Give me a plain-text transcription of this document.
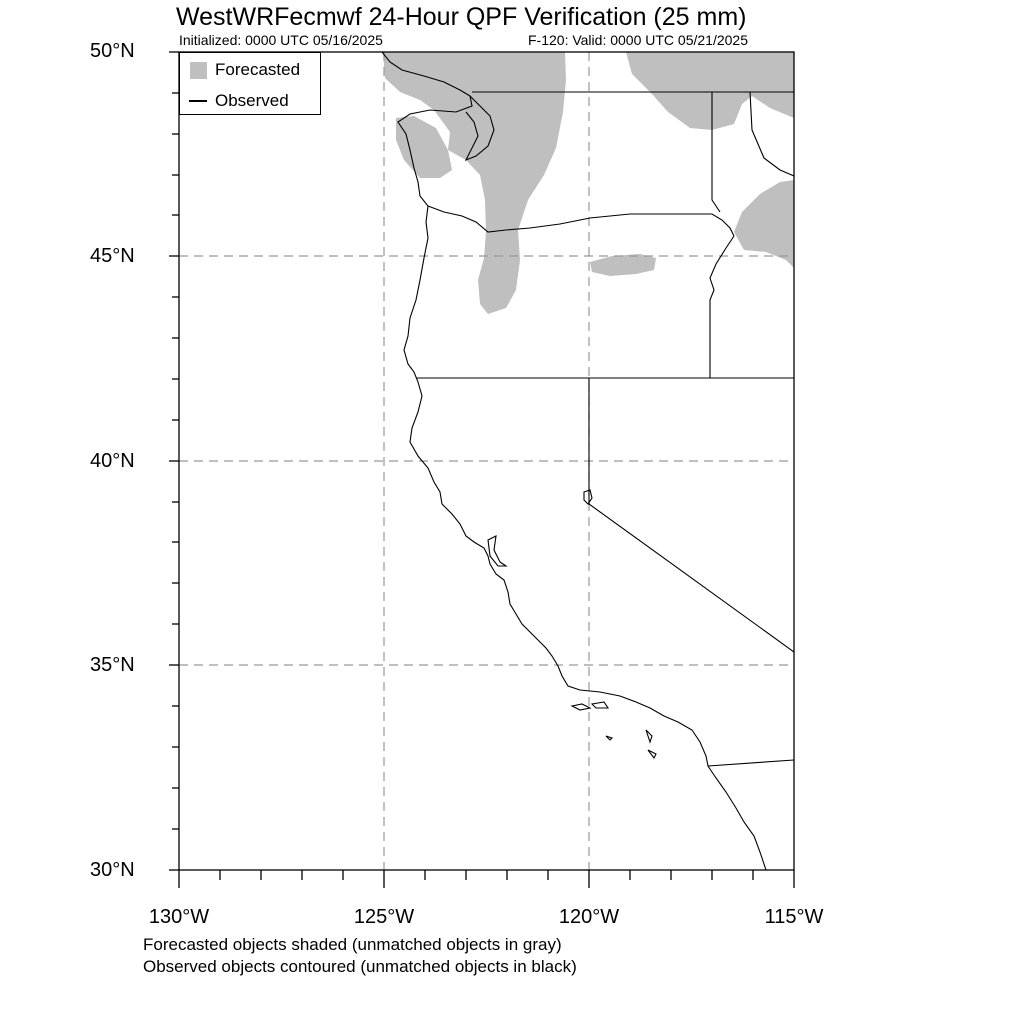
WestWRFecmwf 24-Hour QPF Verification (25 mm)
Initialized: 0000 UTC 05/16/2025	F-120: Valid: 0000 UTC 05/21/2025
50°N
45°N
40°N
35°N
30°N
130°W	125°W	120°W	115°W
Forecasted
Observed
Forecasted objects shaded (unmatched objects in gray)
Observed objects contoured (unmatched objects in black)
